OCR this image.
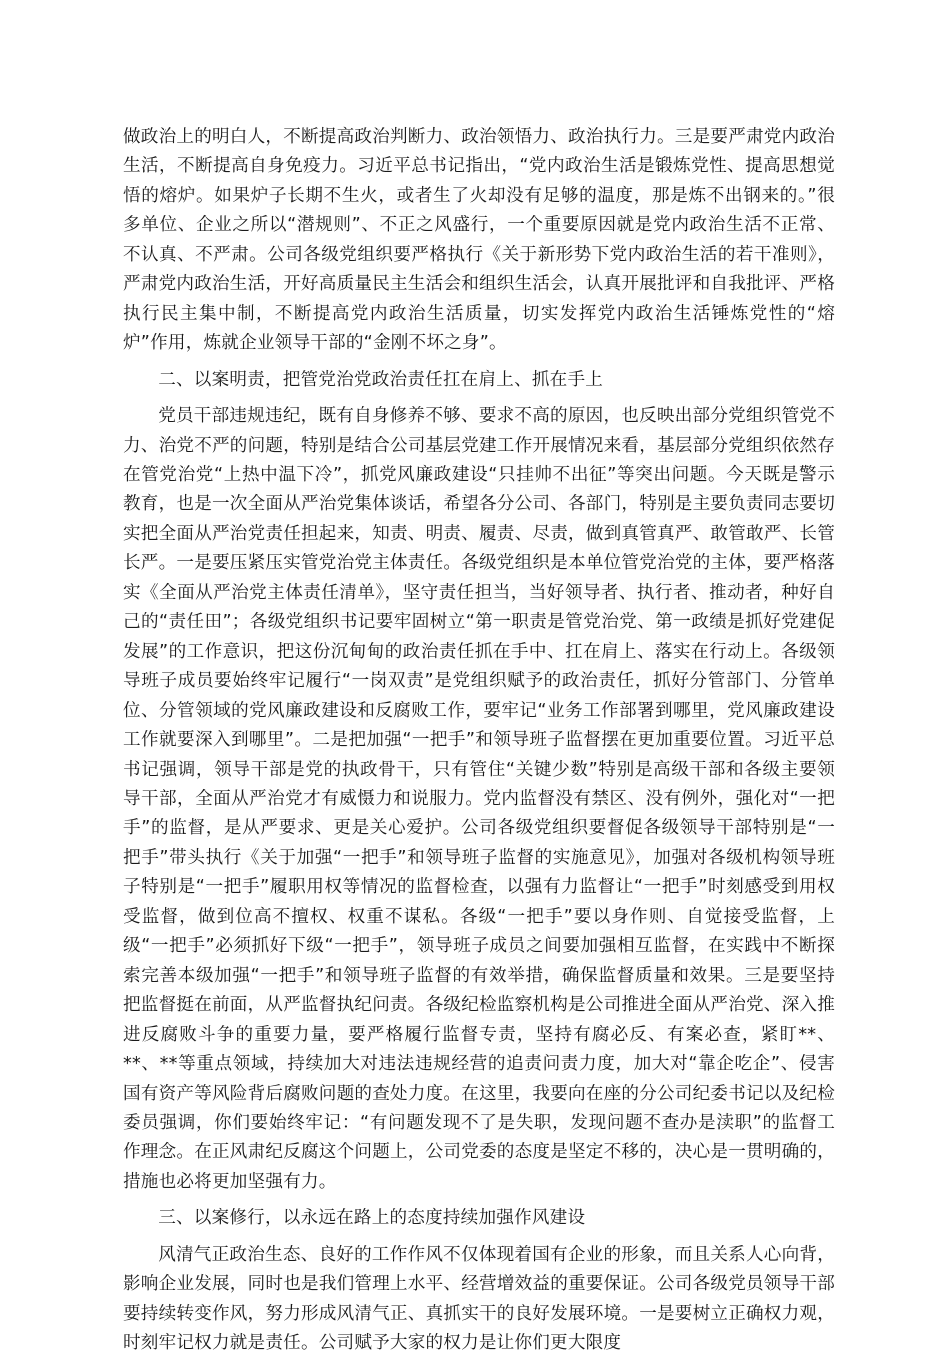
做政治上的明白人，不断提高政治判断力、政治领悟力、政治执行力。三是要严肃党内政治生活，不断提高自身免疫力。习近平总书记指出，“党内政治生活是锻炼党性、提高思想觉悟的熔炉。如果炉子长期不生火，或者生了火却没有足够的温度，那是炼不出钢来的。”很多单位、企业之所以“潜规则”、不正之风盛行，一个重要原因就是党内政治生活不正常、不认真、不严肃。公司各级党组织要严格执行《关于新形势下党内政治生活的若干准则》，严肃党内政治生活，开好高质量民主生活会和组织生活会，认真开展批评和自我批评、严格执行民主集中制，不断提高党内政治生活质量，切实发挥党内政治生活锤炼党性的“熔炉”作用，炼就企业领导干部的“金刚不坏之身”。

二、以案明责，把管党治党政治责任扛在肩上、抓在手上

党员干部违规违纪，既有自身修养不够、要求不高的原因，也反映出部分党组织管党不力、治党不严的问题，特别是结合公司基层党建工作开展情况来看，基层部分党组织依然存在管党治党“上热中温下冷”，抓党风廉政建设“只挂帅不出征”等突出问题。今天既是警示教育，也是一次全面从严治党集体谈话，希望各分公司、各部门，特别是主要负责同志要切实把全面从严治党责任担起来，知责、明责、履责、尽责，做到真管真严、敢管敢严、长管长严。一是要压紧压实管党治党主体责任。各级党组织是本单位管党治党的主体，要严格落实《全面从严治党主体责任清单》，坚守责任担当，当好领导者、执行者、推动者，种好自己的“责任田”；各级党组织书记要牢固树立“第一职责是管党治党、第一政绩是抓好党建促发展”的工作意识，把这份沉甸甸的政治责任抓在手中、扛在肩上、落实在行动上。各级领导班子成员要始终牢记履行“一岗双责”是党组织赋予的政治责任，抓好分管部门、分管单位、分管领域的党风廉政建设和反腐败工作，要牢记“业务工作部署到哪里，党风廉政建设工作就要深入到哪里”。二是把加强“一把手”和领导班子监督摆在更加重要位置。习近平总书记强调，领导干部是党的执政骨干，只有管住“关键少数”特别是高级干部和各级主要领导干部，全面从严治党才有威慑力和说服力。党内监督没有禁区、没有例外，强化对“一把手”的监督，是从严要求、更是关心爱护。公司各级党组织要督促各级领导干部特别是“一把手”带头执行《关于加强“一把手”和领导班子监督的实施意见》，加强对各级机构领导班子特别是“一把手”履职用权等情况的监督检查，以强有力监督让“一把手”时刻感受到用权受监督，做到位高不擅权、权重不谋私。各级“一把手”要以身作则、自觉接受监督，上级“一把手”必须抓好下级“一把手”，领导班子成员之间要加强相互监督，在实践中不断探索完善本级加强“一把手”和领导班子监督的有效举措，确保监督质量和效果。三是要坚持把监督挺在前面，从严监督执纪问责。各级纪检监察机构是公司推进全面从严治党、深入推进反腐败斗争的重要力量，要严格履行监督专责，坚持有腐必反、有案必查，紧盯**、**、**等重点领域，持续加大对违法违规经营的追责问责力度，加大对“靠企吃企”、侵害国有资产等风险背后腐败问题的查处力度。在这里，我要向在座的分公司纪委书记以及纪检委员强调，你们要始终牢记：“有问题发现不了是失职，发现问题不查办是渎职”的监督工作理念。在正风肃纪反腐这个问题上，公司党委的态度是坚定不移的，决心是一贯明确的，措施也必将更加坚强有力。

三、以案修行，以永远在路上的态度持续加强作风建设

风清气正政治生态、良好的工作作风不仅体现着国有企业的形象，而且关系人心向背，影响企业发展，同时也是我们管理上水平、经营增效益的重要保证。公司各级党员领导干部要持续转变作风，努力形成风清气正、真抓实干的良好发展环境。一是要树立正确权力观，时刻牢记权力就是责任。公司赋予大家的权力是让你们更大限度
